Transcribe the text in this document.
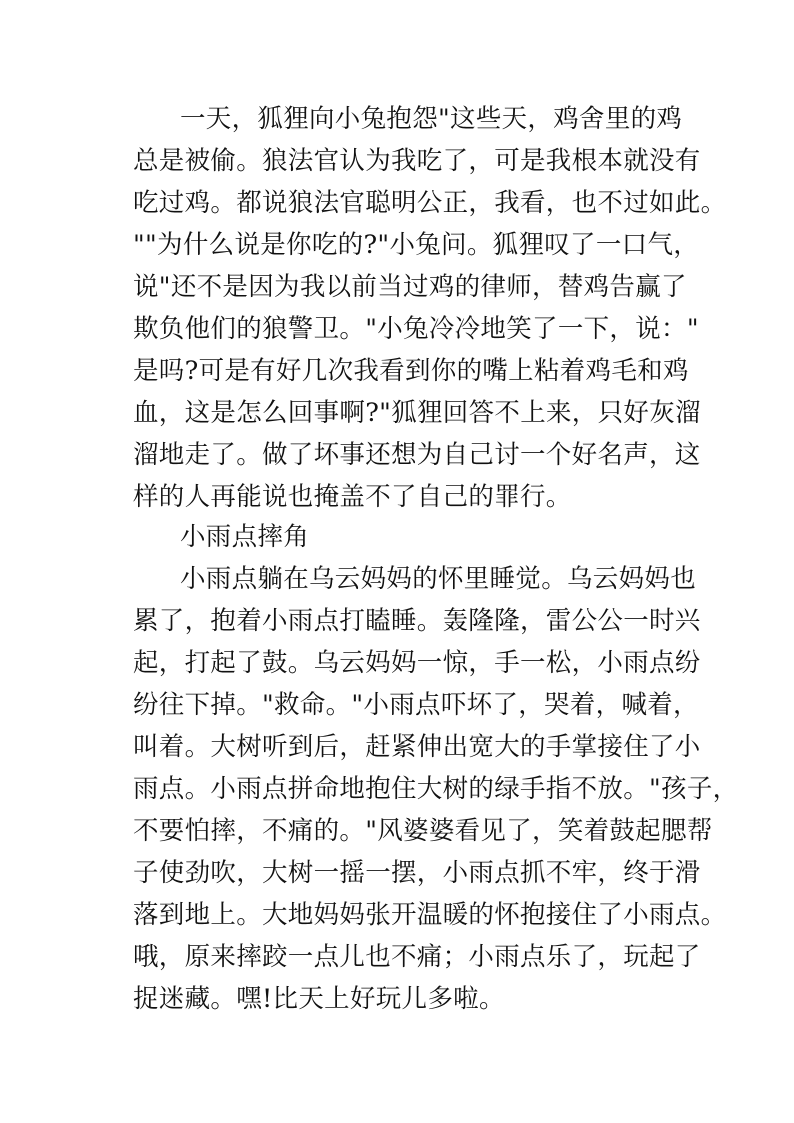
一天，狐狸向小兔抱怨"这些天，鸡舍里的鸡
总是被偷。狼法官认为我吃了，可是我根本就没有
吃过鸡。都说狼法官聪明公正，我看，也不过如此。
""为什么说是你吃的?"小兔问。狐狸叹了一口气，
说"还不是因为我以前当过鸡的律师，替鸡告赢了
欺负他们的狼警卫。"小兔冷冷地笑了一下，说："
是吗?可是有好几次我看到你的嘴上粘着鸡毛和鸡
血，这是怎么回事啊?"狐狸回答不上来，只好灰溜
溜地走了。做了坏事还想为自己讨一个好名声，这
样的人再能说也掩盖不了自己的罪行。
小雨点摔角
小雨点躺在乌云妈妈的怀里睡觉。乌云妈妈也
累了，抱着小雨点打瞌睡。轰隆隆，雷公公一时兴
起，打起了鼓。乌云妈妈一惊，手一松，小雨点纷
纷往下掉。"救命。"小雨点吓坏了，哭着，喊着，
叫着。大树听到后，赶紧伸出宽大的手掌接住了小
雨点。小雨点拼命地抱住大树的绿手指不放。"孩子，
不要怕摔，不痛的。"风婆婆看见了，笑着鼓起腮帮
子使劲吹，大树一摇一摆，小雨点抓不牢，终于滑
落到地上。大地妈妈张开温暖的怀抱接住了小雨点。
哦，原来摔跤一点儿也不痛；小雨点乐了，玩起了
捉迷藏。嘿!比天上好玩儿多啦。
